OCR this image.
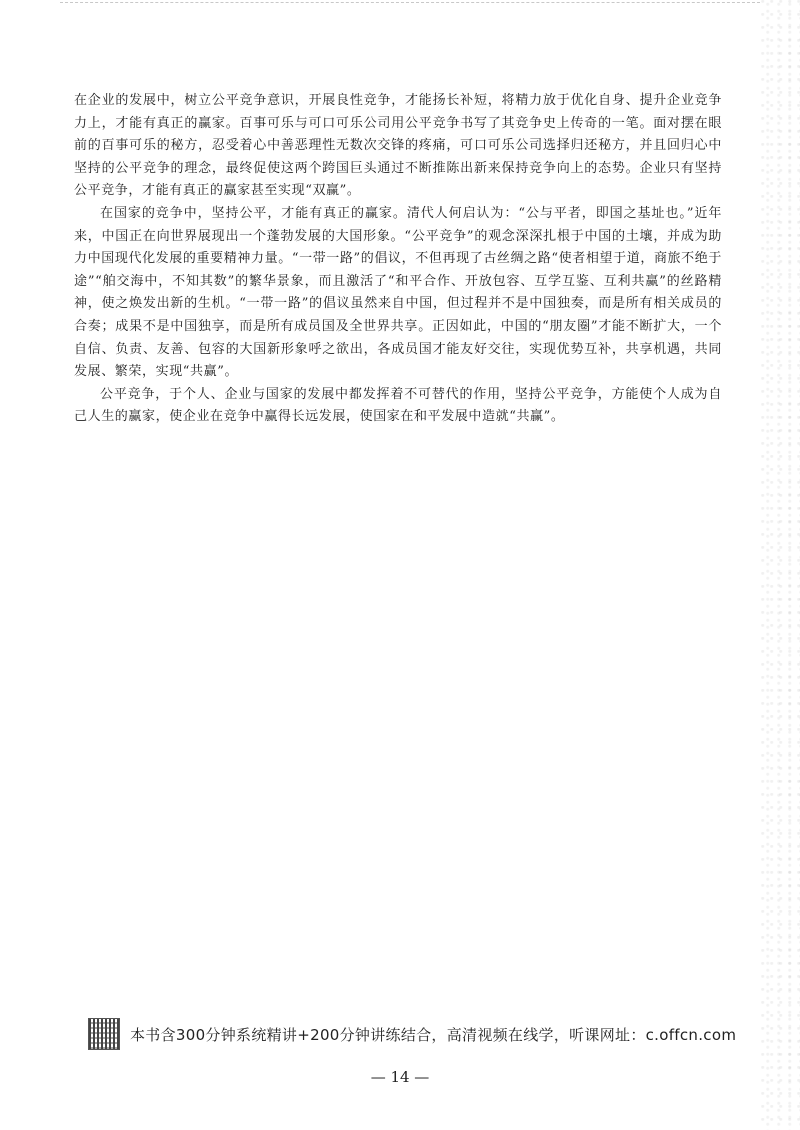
在企业的发展中，树立公平竞争意识，开展良性竞争，才能扬长补短，将精力放于优化自身、提升企业竞争力上，才能有真正的赢家。百事可乐与可口可乐公司用公平竞争书写了其竞争史上传奇的一笔。面对摆在眼前的百事可乐的秘方，忍受着心中善恶理性无数次交锋的疼痛，可口可乐公司选择归还秘方，并且回归心中坚持的公平竞争的理念，最终促使这两个跨国巨头通过不断推陈出新来保持竞争向上的态势。企业只有坚持公平竞争，才能有真正的赢家甚至实现“双赢”。

在国家的竞争中，坚持公平，才能有真正的赢家。清代人何启认为：“公与平者，即国之基址也。”近年来，中国正在向世界展现出一个蓬勃发展的大国形象。“公平竞争”的观念深深扎根于中国的土壤，并成为助力中国现代化发展的重要精神力量。“一带一路”的倡议，不但再现了古丝绸之路“使者相望于道，商旅不绝于途”“舶交海中，不知其数”的繁华景象，而且激活了“和平合作、开放包容、互学互鉴、互利共赢”的丝路精神，使之焕发出新的生机。“一带一路”的倡议虽然来自中国，但过程并不是中国独奏，而是所有相关成员的合奏；成果不是中国独享，而是所有成员国及全世界共享。正因如此，中国的“朋友圈”才能不断扩大，一个自信、负责、友善、包容的大国新形象呼之欲出，各成员国才能友好交往，实现优势互补，共享机遇，共同发展、繁荣，实现“共赢”。

公平竞争，于个人、企业与国家的发展中都发挥着不可替代的作用，坚持公平竞争，方能使个人成为自己人生的赢家，使企业在竞争中赢得长远发展，使国家在和平发展中造就“共赢”。

本书含300分钟系统精讲+200分钟讲练结合，高清视频在线学，听课网址：c.offcn.com
— 14 —
